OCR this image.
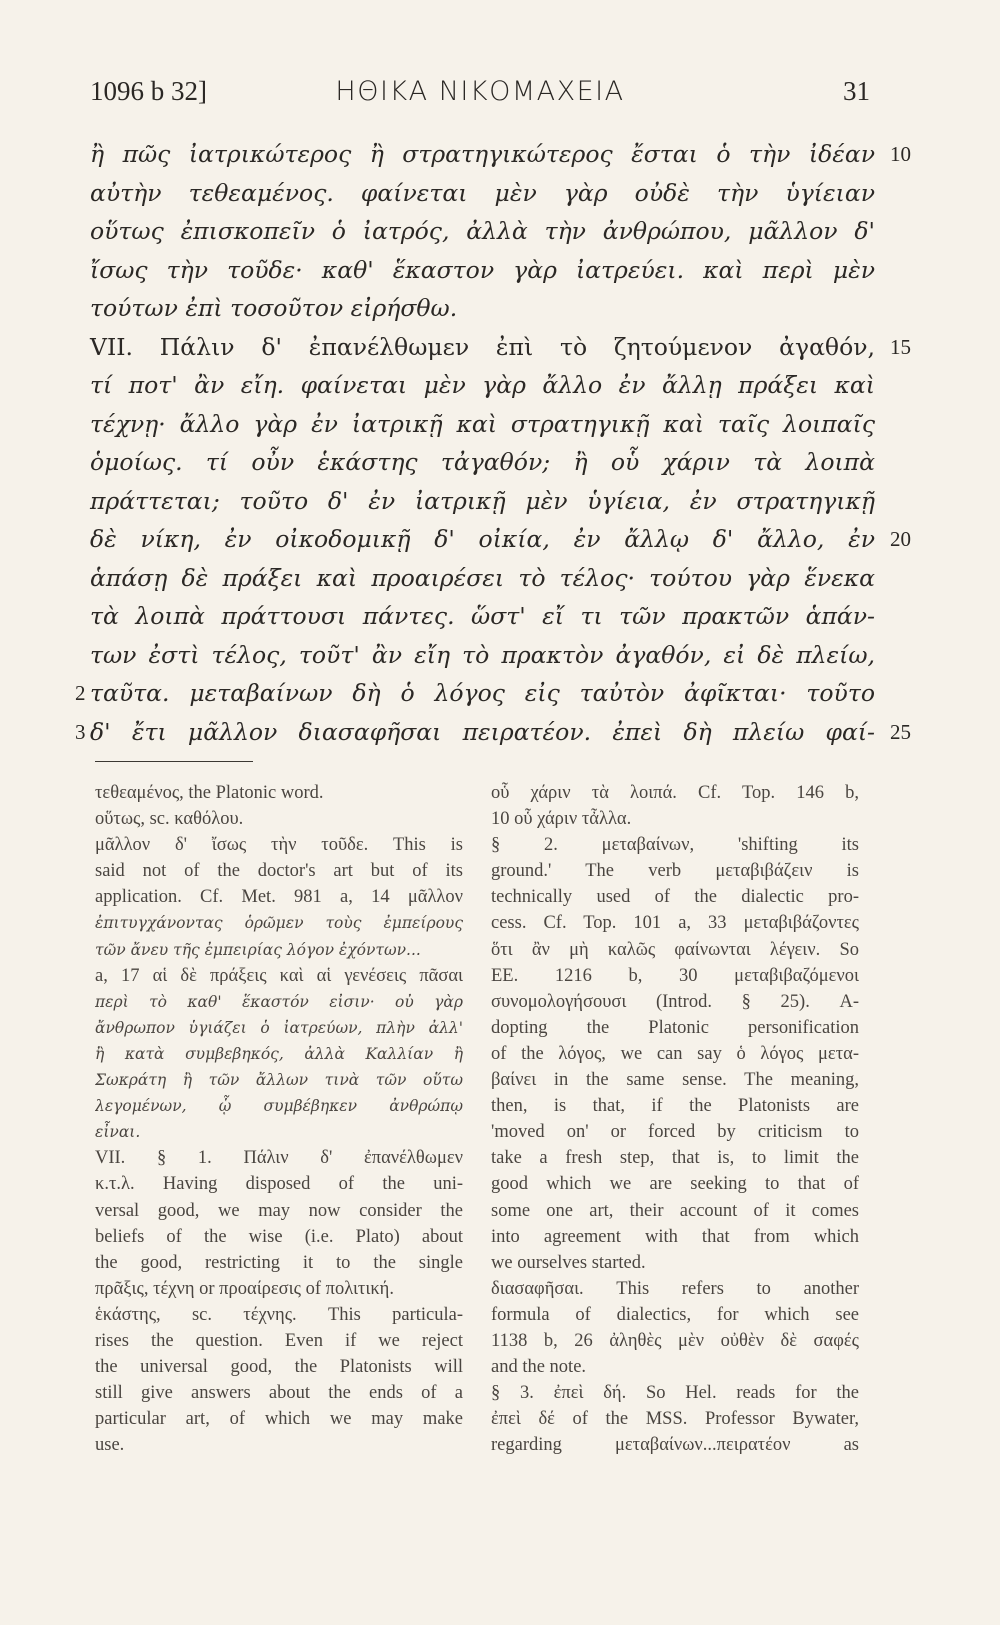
1096 b 32]	ΗΘΙΚΑ ΝΙΚΟΜΑΧΕΙΑ	31
ἢ πῶς ἰατρικώτερος ἢ στρατηγικώτερος ἔσται ὁ τὴν ἰδέαν 10
αὐτὴν τεθεαμένος. φαίνεται μὲν γὰρ οὐδὲ τὴν ὑγίειαν
οὕτως ἐπισκοπεῖν ὁ ἰατρός, ἀλλὰ τὴν ἀνθρώπου, μᾶλλον δ'
ἴσως τὴν τοῦδε· καθ' ἕκαστον γὰρ ἰατρεύει. καὶ περὶ μὲν
τούτων ἐπὶ τοσοῦτον εἰρήσθω.
VII. Πάλιν δ' ἐπανέλθωμεν ἐπὶ τὸ ζητούμενον ἀγαθόν, 15
τί ποτ' ἂν εἴη. φαίνεται μὲν γὰρ ἄλλο ἐν ἄλλῃ πράξει καὶ
τέχνῃ· ἄλλο γὰρ ἐν ἰατρικῇ καὶ στρατηγικῇ καὶ ταῖς λοιπαῖς
ὁμοίως. τί οὖν ἑκάστης τἀγαθόν; ἢ οὗ χάριν τὰ λοιπὰ
πράττεται; τοῦτο δ' ἐν ἰατρικῇ μὲν ὑγίεια, ἐν στρατηγικῇ
δὲ νίκη, ἐν οἰκοδομικῇ δ' οἰκία, ἐν ἄλλῳ δ' ἄλλο, ἐν 20
ἁπάσῃ δὲ πράξει καὶ προαιρέσει τὸ τέλος· τούτου γὰρ ἕνεκα
τὰ λοιπὰ πράττουσι πάντες. ὥστ' εἴ τι τῶν πρακτῶν ἁπάν-
των ἐστὶ τέλος, τοῦτ' ἂν εἴη τὸ πρακτὸν ἀγαθόν, εἰ δὲ πλείω,
ταῦτα. μεταβαίνων δὴ ὁ λόγος εἰς ταὐτὸν ἀφῖκται· τοῦτο
2
δ' ἔτι μᾶλλον διασαφῆσαι πειρατέον. ἐπεὶ δὴ πλείω φαί- 25
3
τεθεαμένος, the Platonic word.
οὕτως, sc. καθόλου.
μᾶλλον δ' ἴσως τὴν τοῦδε. This is
said not of the doctor's art but of its
application. Cf. Met. 981 a, 14 μᾶλλον
ἐπιτυγχάνοντας ὁρῶμεν τοὺς ἐμπείρους
τῶν ἄνευ τῆς ἐμπειρίας λόγον ἐχόντων...
a, 17 αἱ δὲ πράξεις καὶ αἱ γενέσεις πᾶσαι
περὶ τὸ καθ' ἕκαστόν εἰσιν· οὐ γὰρ
ἄνθρωπον ὑγιάζει ὁ ἰατρεύων, πλὴν ἀλλ'
ἢ κατὰ συμβεβηκός, ἀλλὰ Καλλίαν ἢ
Σωκράτη ἢ τῶν ἄλλων τινὰ τῶν οὕτω
λεγομένων, ᾧ συμβέβηκεν ἀνθρώπῳ
εἶναι.
VII. § 1. Πάλιν δ' ἐπανέλθωμεν
κ.τ.λ. Having disposed of the uni-
versal good, we may now consider the
beliefs of the wise (i.e. Plato) about
the good, restricting it to the single
πρᾶξις, τέχνη or προαίρεσις of πολιτική.
ἑκάστης, sc. τέχνης. This particula-
rises the question. Even if we reject
the universal good, the Platonists will
still give answers about the ends of a
particular art, of which we may make
use.
οὗ χάριν τὰ λοιπά. Cf. Top. 146 b,
10 οὗ χάριν τἆλλα.
§ 2. μεταβαίνων, 'shifting its
ground.' The verb μεταβιβάζειν is
technically used of the dialectic pro-
cess. Cf. Top. 101 a, 33 μεταβιβάζοντες
ὅτι ἂν μὴ καλῶς φαίνωνται λέγειν. So
EE. 1216 b, 30 μεταβιβαζόμενοι
συνομολογήσουσι (Introd. § 25). A-
dopting the Platonic personification
of the λόγος, we can say ὁ λόγος μετα-
βαίνει in the same sense. The meaning,
then, is that, if the Platonists are
'moved on' or forced by criticism to
take a fresh step, that is, to limit the
good which we are seeking to that of
some one art, their account of it comes
into agreement with that from which
we ourselves started.
διασαφῆσαι. This refers to another
formula of dialectics, for which see
1138 b, 26 ἀληθὲς μὲν οὐθὲν δὲ σαφές
and the note.
§ 3. ἐπεὶ δή. So Hel. reads for the
ἐπεὶ δέ of the MSS. Professor Bywater,
regarding μεταβαίνων...πειρατέον as
